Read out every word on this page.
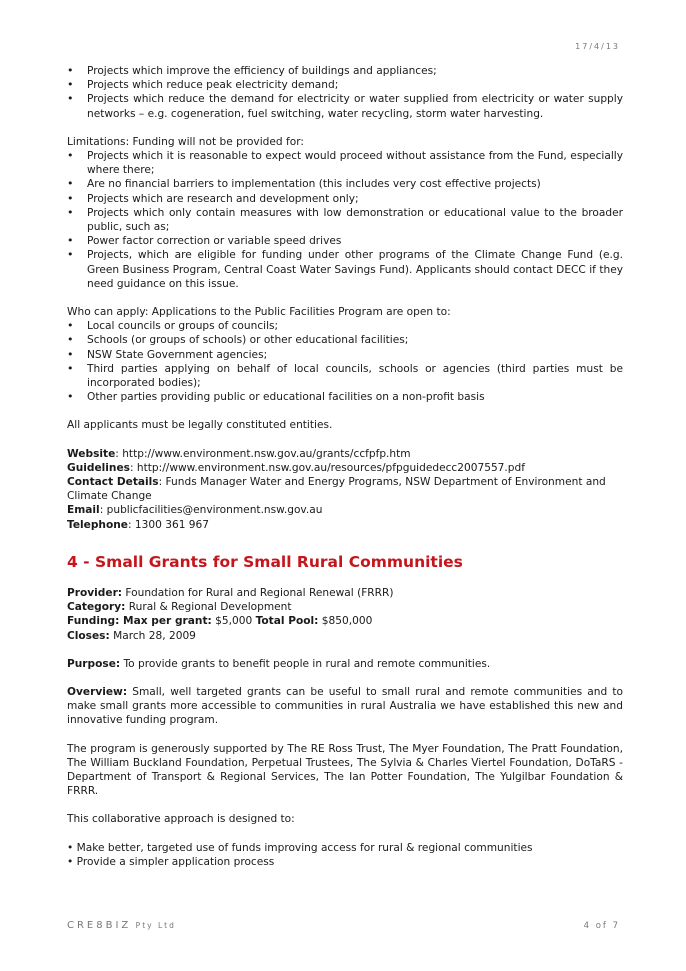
17/4/13
• Projects which improve the efficiency of buildings and appliances;
• Projects which reduce peak electricity demand;
• Projects which reduce the demand for electricity or water supplied from electricity or water supply networks – e.g. cogeneration, fuel switching, water recycling, storm water harvesting.

Limitations: Funding will not be provided for:

• Projects which it is reasonable to expect would proceed without assistance from the Fund, especially where there;
• Are no financial barriers to implementation (this includes very cost effective projects)
• Projects which are research and development only;
• Projects which only contain measures with low demonstration or educational value to the broader public, such as;
• Power factor correction or variable speed drives
• Projects, which are eligible for funding under other programs of the Climate Change Fund (e.g. Green Business Program, Central Coast Water Savings Fund). Applicants should contact DECC if they need guidance on this issue.

Who can apply: Applications to the Public Facilities Program are open to:

• Local councils or groups of councils;
• Schools (or groups of schools) or other educational facilities;
• NSW State Government agencies;
• Third parties applying on behalf of local councils, schools or agencies (third parties must be incorporated bodies);
• Other parties providing public or educational facilities on a non-profit basis

All applicants must be legally constituted entities.

Website: http://www.environment.nsw.gov.au/grants/ccfpfp.htm

Guidelines: http://www.environment.nsw.gov.au/resources/pfpguidedecc2007557.pdf

Contact Details: Funds Manager Water and Energy Programs, NSW Department of Environment and Climate Change

Email: publicfacilities@environment.nsw.gov.au

Telephone: 1300 361 967

4 - Small Grants for Small Rural Communities

Provider: Foundation for Rural and Regional Renewal (FRRR)

Category: Rural & Regional Development

Funding: Max per grant: $5,000 Total Pool: $850,000

Closes: March 28, 2009

Purpose: To provide grants to benefit people in rural and remote communities.

Overview: Small, well targeted grants can be useful to small rural and remote communities and to make small grants more accessible to communities in rural Australia we have established this new and innovative funding program.

The program is generously supported by The RE Ross Trust, The Myer Foundation, The Pratt Foundation, The William Buckland Foundation, Perpetual Trustees, The Sylvia & Charles Viertel Foundation, DoTaRS - Department of Transport & Regional Services, The Ian Potter Foundation, The Yulgilbar Foundation & FRRR.

This collaborative approach is designed to:

• Make better, targeted use of funds improving access for rural & regional communities

• Provide a simpler application process

CRE8BIZ Pty Ltd	4 of 7
